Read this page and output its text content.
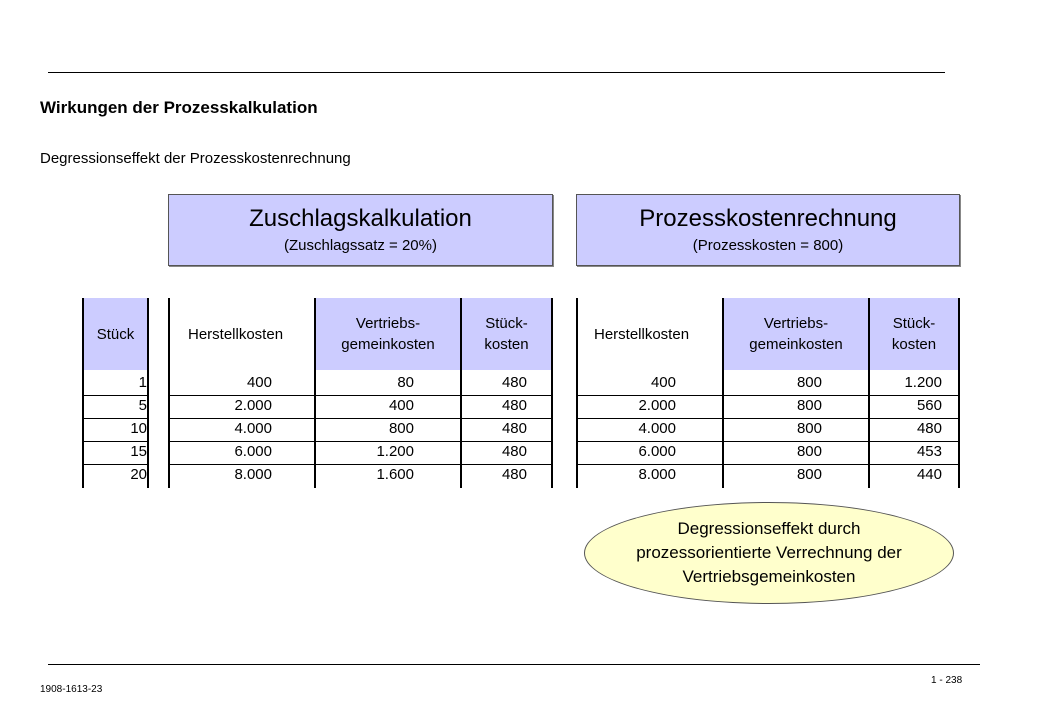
Wirkungen der Prozesskalkulation
Degressionseffekt der Prozesskostenrechnung
Zuschlagskalkulation
(Zuschlagssatz = 20%)
Prozesskostenrechnung
(Prozesskosten = 800)
Stück	Herstellkosten
Vertriebs-
gemeinkosten
Stück-
kosten
Herstellkosten
Vertriebs-
gemeinkosten
Stück-
kosten
1
5
10
15
20
400
2.000
4.000
6.000
8.000
80
400
800
1.200
1.600
480
480
480
480
480
400
2.000
4.000
6.000
8.000
800
800
800
800
800
1.200
560
480
453
440
Degressionseffekt durch prozessorientierte Verrechnung der Vertriebsgemeinkosten
1908-1613-23
1 - 238
